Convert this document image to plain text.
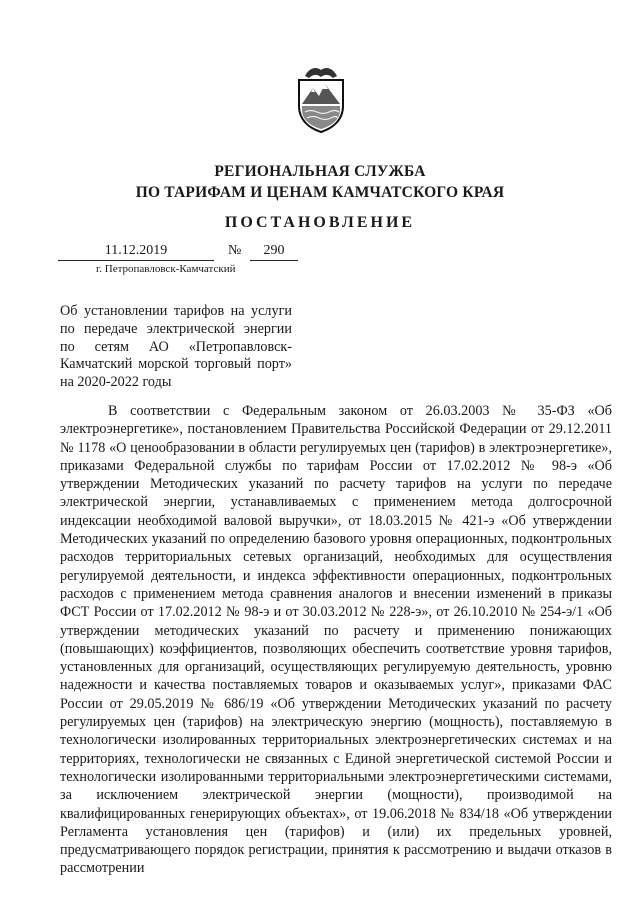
РЕГИОНАЛЬНАЯ СЛУЖБА
ПО ТАРИФАМ И ЦЕНАМ КАМЧАТСКОГО КРАЯ
ПОСТАНОВЛЕНИЕ
11.12.2019	№	290
г. Петропавловск-Камчатский
Об установлении тарифов на услуги по передаче электрической энергии по сетям АО «Петропавловск-Камчатский морской торговый порт» на 2020-2022 годы
В соответствии с Федеральным законом от 26.03.2003 № 35-ФЗ «Об электроэнергетике», постановлением Правительства Российской Федерации от 29.12.2011 № 1178 «О ценообразовании в области регулируемых цен (тарифов) в электроэнергетике», приказами Федеральной службы по тарифам России от 17.02.2012 № 98-э «Об утверждении Методических указаний по расчету тарифов на услуги по передаче электрической энергии, устанавливаемых с применением метода долгосрочной индексации необходимой валовой выручки», от 18.03.2015 № 421-э «Об утверждении Методических указаний по определению базового уровня операционных, подконтрольных расходов территориальных сетевых организаций, необходимых для осуществления регулируемой деятельности, и индекса эффективности операционных, подконтрольных расходов с применением метода сравнения аналогов и внесении изменений в приказы ФСТ России от 17.02.2012 № 98-э и от 30.03.2012 № 228-э», от 26.10.2010 № 254-э/1 «Об утверждении методических указаний по расчету и применению понижающих (повышающих) коэффициентов, позволяющих обеспечить соответствие уровня тарифов, установленных для организаций, осуществляющих регулируемую деятельность, уровню надежности и качества поставляемых товаров и оказываемых услуг», приказами ФАС России от 29.05.2019 № 686/19 «Об утверждении Методических указаний по расчету регулируемых цен (тарифов) на электрическую энергию (мощность), поставляемую в технологически изолированных территориальных электроэнергетических системах и на территориях, технологически не связанных с Единой энергетической системой России и технологически изолированными территориальными электроэнергетическими системами, за исключением электрической энергии (мощности), производимой на квалифицированных генерирующих объектах», от 19.06.2018 № 834/18 «Об утверждении Регламента установления цен (тарифов) и (или) их предельных уровней, предусматривающего порядок регистрации, принятия к рассмотрению и выдачи отказов в рассмотрении
